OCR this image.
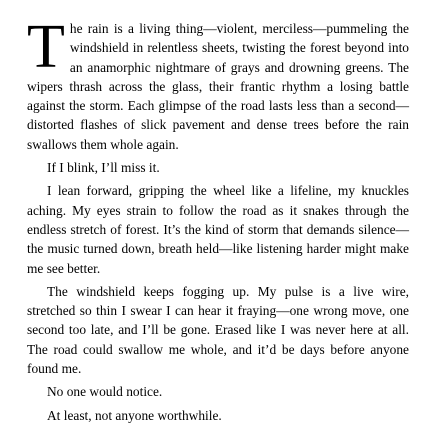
The rain is a living thing—violent, merciless—pummeling the windshield in relentless sheets, twisting the forest beyond into an anamorphic nightmare of grays and drowning greens. The wipers thrash across the glass, their frantic rhythm a losing battle against the storm. Each glimpse of the road lasts less than a second—distorted flashes of slick pavement and dense trees before the rain swallows them whole again.

If I blink, I’ll miss it.

I lean forward, gripping the wheel like a lifeline, my knuckles aching. My eyes strain to follow the road as it snakes through the endless stretch of forest. It’s the kind of storm that demands silence—the music turned down, breath held—like listening harder might make me see better.

The windshield keeps fogging up. My pulse is a live wire, stretched so thin I swear I can hear it fraying—one wrong move, one second too late, and I’ll be gone. Erased like I was never here at all. The road could swallow me whole, and it’d be days before anyone found me.

No one would notice.

At least, not anyone worthwhile.
